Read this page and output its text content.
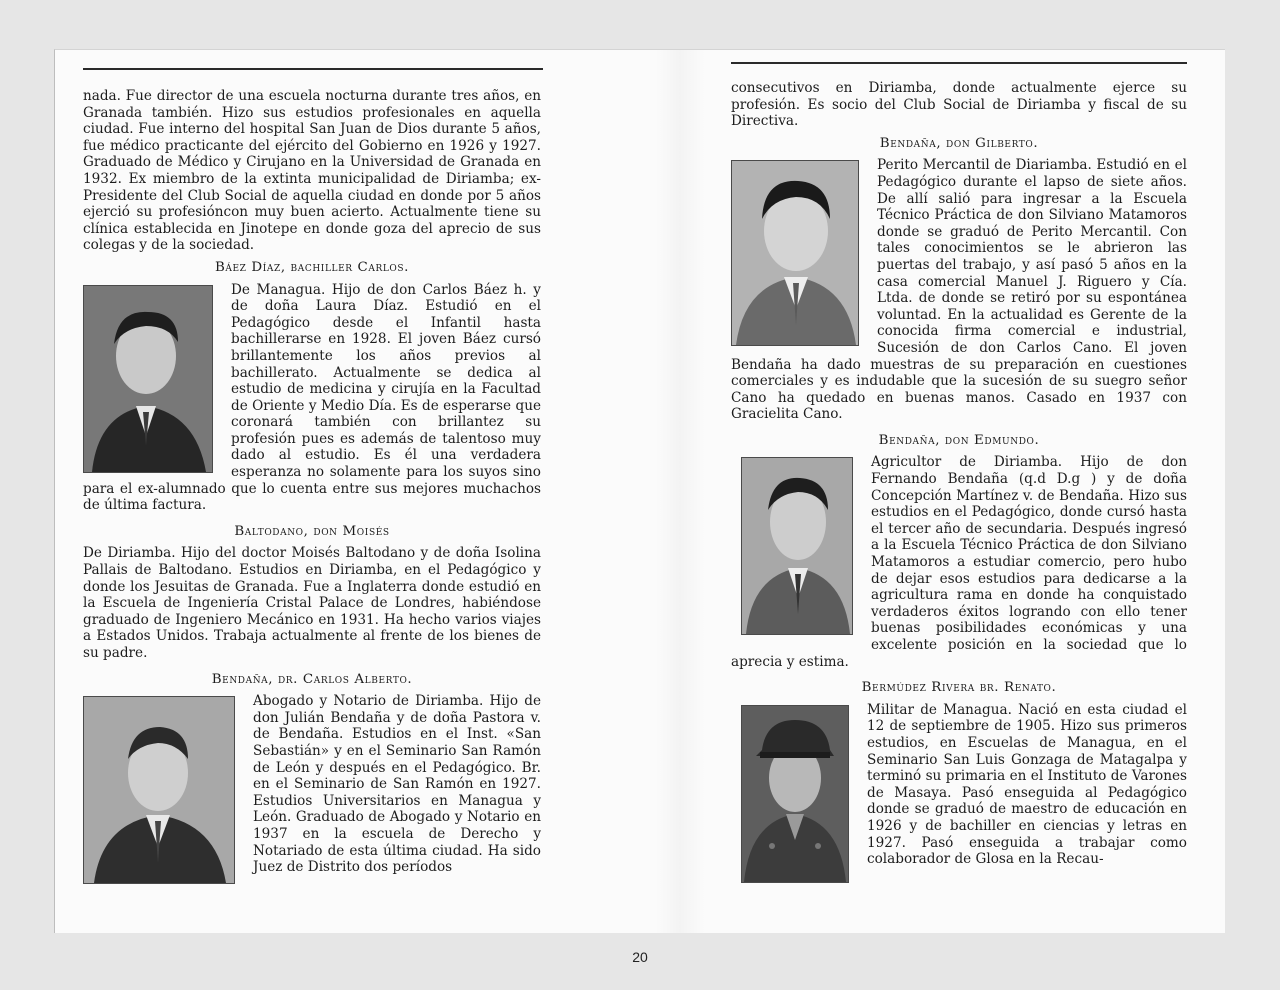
nada. Fue director de una escuela nocturna durante tres años, en Granada también. Hizo sus estudios profesionales en aquella ciudad. Fue interno del hospital San Juan de Dios durante 5 años, fue médico practicante del ejército del Gobierno en 1926 y 1927. Graduado de Médico y Cirujano en la Universidad de Granada en 1932. Ex miembro de la extinta municipalidad de Diriamba; ex-Presidente del Club Social de aquella ciudad en donde por 5 años ejerció su profesióncon muy buen acierto. Actualmente tiene su clínica establecida en Jinotepe en donde goza del aprecio de sus colegas y de la sociedad.

Báez Díaz, bachiller Carlos.

De Managua. Hijo de don Carlos Báez h. y de doña Laura Díaz. Estudió en el Pedagógico desde el Infantil hasta bachillerarse en 1928. El joven Báez cursó brillantemente los años previos al bachillerato. Actualmente se dedica al estudio de medicina y cirujía en la Facultad de Oriente y Medio Día. Es de esperarse que coronará también con brillantez su profesión pues es además de talentoso muy dado al estudio. Es él una verdadera esperanza no solamente para los suyos sino para el ex-alumnado que lo cuenta entre sus mejores muchachos de última factura.

Baltodano, don Moisés

De Diriamba. Hijo del doctor Moisés Baltodano y de doña Isolina Pallais de Baltodano. Estudios en Diriamba, en el Pedagógico y donde los Jesuitas de Granada. Fue a Inglaterra donde estudió en la Escuela de Ingeniería Cristal Palace de Londres, habiéndose graduado de Ingeniero Mecánico en 1931. Ha hecho varios viajes a Estados Unidos. Trabaja actualmente al frente de los bienes de su padre.

Bendaña, dr. Carlos Alberto.

Abogado y Notario de Diriamba. Hijo de don Julián Bendaña y de doña Pastora v. de Bendaña. Estudios en el Inst. «San Sebastián» y en el Seminario San Ramón de León y después en el Pedagógico. Br. en el Seminario de San Ramón en 1927. Estudios Universitarios en Managua y León. Graduado de Abogado y Notario en 1937 en la escuela de Derecho y Notariado de esta última ciudad. Ha sido Juez de Distrito dos períodos

consecutivos en Diriamba, donde actualmente ejerce su profesión. Es socio del Club Social de Diriamba y fiscal de su Directiva.

Bendaña, don Gilberto.

Perito Mercantil de Diariamba. Estudió en el Pedagógico durante el lapso de siete años. De allí salió para ingresar a la Escuela Técnico Práctica de don Silviano Matamoros donde se graduó de Perito Mercantil. Con tales conocimientos se le abrieron las puertas del trabajo, y así pasó 5 años en la casa comercial Manuel J. Riguero y Cía. Ltda. de donde se retiró por su espontánea voluntad. En la actualidad es Gerente de la conocida firma comercial e industrial, Sucesión de don Carlos Cano. El joven Bendaña ha dado muestras de su preparación en cuestiones comerciales y es indudable que la sucesión de su suegro señor Cano ha quedado en buenas manos. Casado en 1937 con Gracielita Cano.

Bendaña, don Edmundo.

Agricultor de Diriamba. Hijo de don Fernando Bendaña (q.d D.g ) y de doña Concepción Martínez v. de Bendaña. Hizo sus estudios en el Pedagógico, donde cursó hasta el tercer año de secundaria. Después ingresó a la Escuela Técnico Práctica de don Silviano Matamoros a estudiar comercio, pero hubo de dejar esos estudios para dedicarse a la agricultura rama en donde ha conquistado verdaderos éxitos logrando con ello tener buenas posibilidades económicas y una excelente posición en la sociedad que lo aprecia y estima.

Bermúdez Rivera br. Renato.

Militar de Managua. Nació en esta ciudad el 12 de septiembre de 1905. Hizo sus primeros estudios, en Escuelas de Managua, en el Seminario San Luis Gonzaga de Matagalpa y terminó su primaria en el Instituto de Varones de Masaya. Pasó enseguida al Pedagógico donde se graduó de maestro de educación en 1926 y de bachiller en ciencias y letras en 1927. Pasó enseguida a trabajar como colaborador de Glosa en la Recau-

20
